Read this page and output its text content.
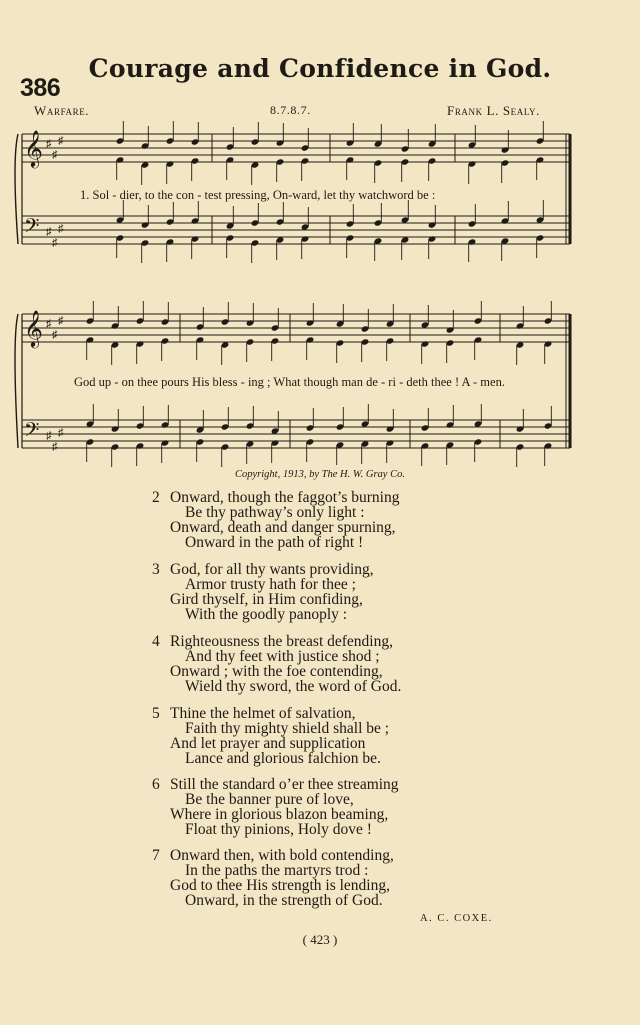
Courage and Confidence in God.
386
Warfare.	8.7.8.7.	Frank L. Sealy.
𝄞
𝄢
♯
♯
♯
♯
♯
♯
1. Sol - dier, to the con - test pressing, On-ward, let thy watchword be :
𝄞
𝄢
♯
♯
♯
♯
♯
♯
God up - on thee pours His bless - ing ; What though man de - ri - deth thee ! A - men.
Copyright, 1913, by The H. W. Gray Co.
2 Onward, though the faggot’s burning
Be thy pathway’s only light :
Onward, death and danger spurning,
Onward in the path of right !
3 God, for all thy wants providing,
Armor trusty hath for thee ;
Gird thyself, in Him confiding,
With the goodly panoply :
4 Righteousness the breast defending,
And thy feet with justice shod ;
Onward ; with the foe contending,
Wield thy sword, the word of God.
5 Thine the helmet of salvation,
Faith thy mighty shield shall be ;
And let prayer and supplication
Lance and glorious falchion be.
6 Still the standard o’er thee streaming
Be the banner pure of love,
Where in glorious blazon beaming,
Float thy pinions, Holy dove !
7 Onward then, with bold contending,
In the paths the martyrs trod :
God to thee His strength is lending,
Onward, in the strength of God.
A. C. COXE.
( 423 )
